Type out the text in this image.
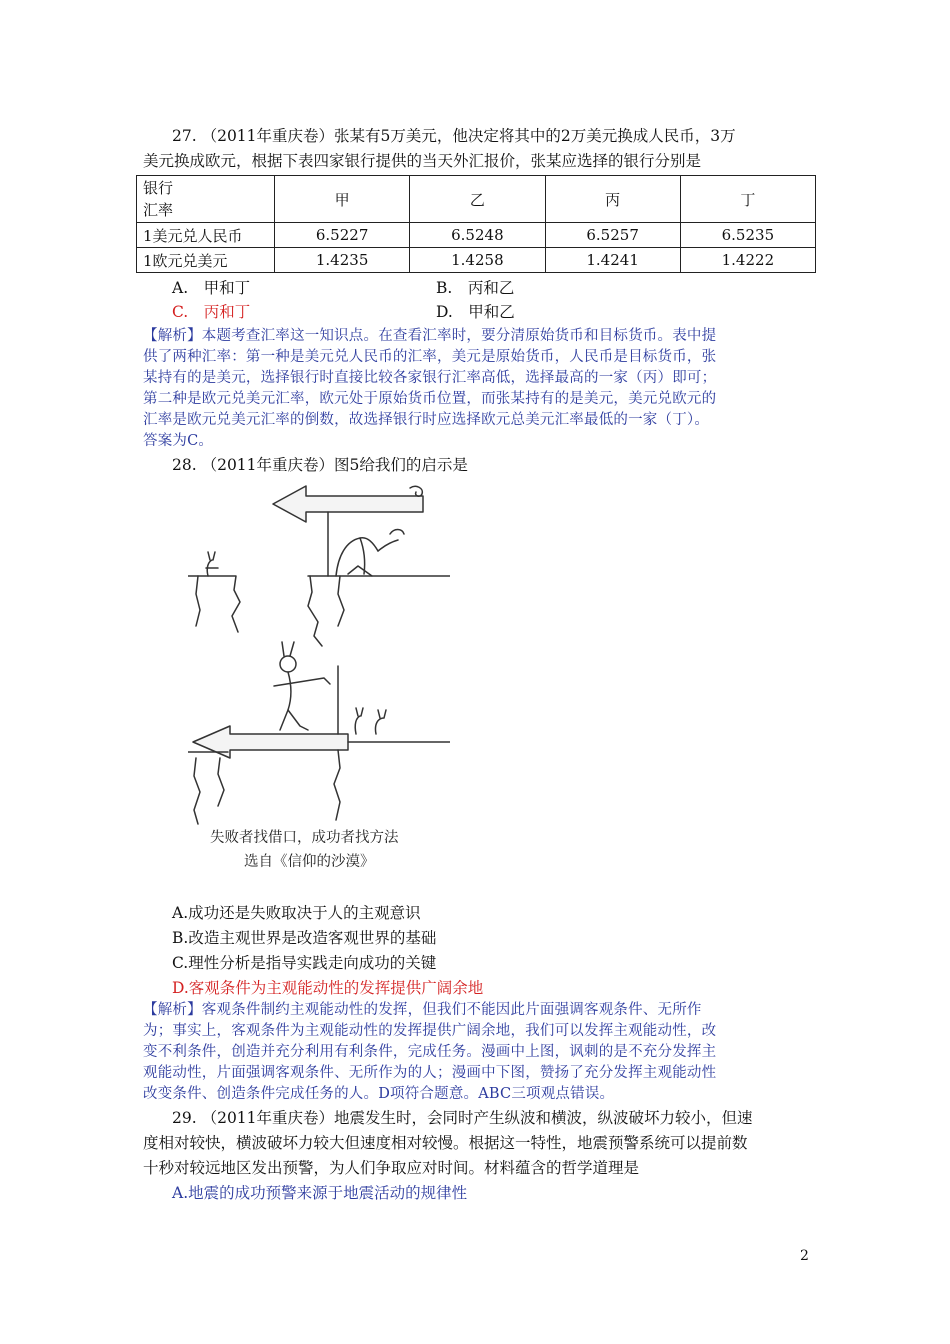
27. （2011年重庆卷）张某有5万美元，他决定将其中的2万美元换成人民币，3万
美元换成欧元，根据下表四家银行提供的当天外汇报价，张某应选择的银行分别是
银行
汇率	甲	乙	丙	丁
1美元兑人民币	6.5227	6.5248	6.5257	6.5235
1欧元兑美元	1.4235	1.4258	1.4241	1.4222
A.　甲和丁	B.　丙和乙
C.　丙和丁	D.　甲和乙
【解析】本题考查汇率这一知识点。在查看汇率时，要分清原始货币和目标货币。表中提
供了两种汇率：第一种是美元兑人民币的汇率，美元是原始货币，人民币是目标货币，张
某持有的是美元，选择银行时直接比较各家银行汇率高低，选择最高的一家（丙）即可；
第二种是欧元兑美元汇率，欧元处于原始货币位置，而张某持有的是美元，美元兑欧元的
汇率是欧元兑美元汇率的倒数，故选择银行时应选择欧元总美元汇率最低的一家（丁）。
答案为C。
28. （2011年重庆卷）图5给我们的启示是
失败者找借口，成功者找方法
选自《信仰的沙漠》
A.成功还是失败取决于人的主观意识
B.改造主观世界是改造客观世界的基础
C.理性分析是指导实践走向成功的关键
D.客观条件为主观能动性的发挥提供广阔余地
【解析】客观条件制约主观能动性的发挥，但我们不能因此片面强调客观条件、无所作
为；事实上，客观条件为主观能动性的发挥提供广阔余地，我们可以发挥主观能动性，改
变不利条件，创造并充分利用有利条件，完成任务。漫画中上图，讽刺的是不充分发挥主
观能动性，片面强调客观条件、无所作为的人；漫画中下图，赞扬了充分发挥主观能动性
改变条件、创造条件完成任务的人。D项符合题意。ABC三项观点错误。
29. （2011年重庆卷）地震发生时，会同时产生纵波和横波，纵波破坏力较小，但速
度相对较快，横波破坏力较大但速度相对较慢。根据这一特性，地震预警系统可以提前数
十秒对较远地区发出预警，为人们争取应对时间。材料蕴含的哲学道理是
A.地震的成功预警来源于地震活动的规律性
2
